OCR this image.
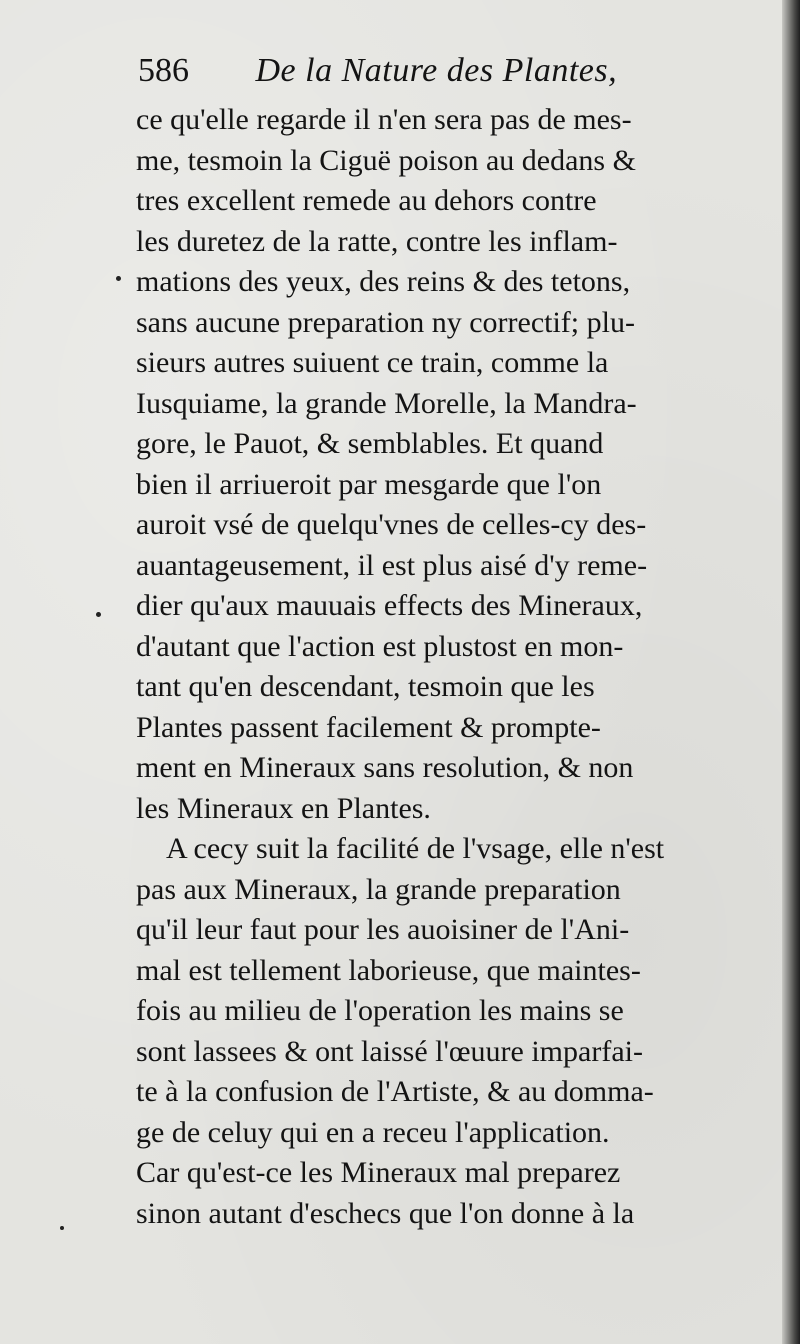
586 De la Nature des Plantes,
ce qu'elle regarde il n'en sera pas de mes-
me, tesmoin la Ciguë poison au dedans &
tres excellent remede au dehors contre
les duretez de la ratte, contre les inflam-
mations des yeux, des reins & des tetons,
sans aucune preparation ny correctif; plu-
sieurs autres suiuent ce train, comme la
Iusquiame, la grande Morelle, la Mandra-
gore, le Pauot, & semblables. Et quand
bien il arriueroit par mesgarde que l'on
auroit vsé de quelqu'vnes de celles-cy des-
auantageusement, il est plus aisé d'y reme-
dier qu'aux mauuais effects des Mineraux,
d'autant que l'action est plustost en mon-
tant qu'en descendant, tesmoin que les
Plantes passent facilement & prompte-
ment en Mineraux sans resolution, & non
les Mineraux en Plantes.
A cecy suit la facilité de l'vsage, elle n'est
pas aux Mineraux, la grande preparation
qu'il leur faut pour les auoisiner de l'Ani-
mal est tellement laborieuse, que maintes-
fois au milieu de l'operation les mains se
sont lassees & ont laissé l'œuure imparfai-
te à la confusion de l'Artiste, & au domma-
ge de celuy qui en a receu l'application.
Car qu'est-ce les Mineraux mal preparez
sinon autant d'eschecs que l'on donne à la
